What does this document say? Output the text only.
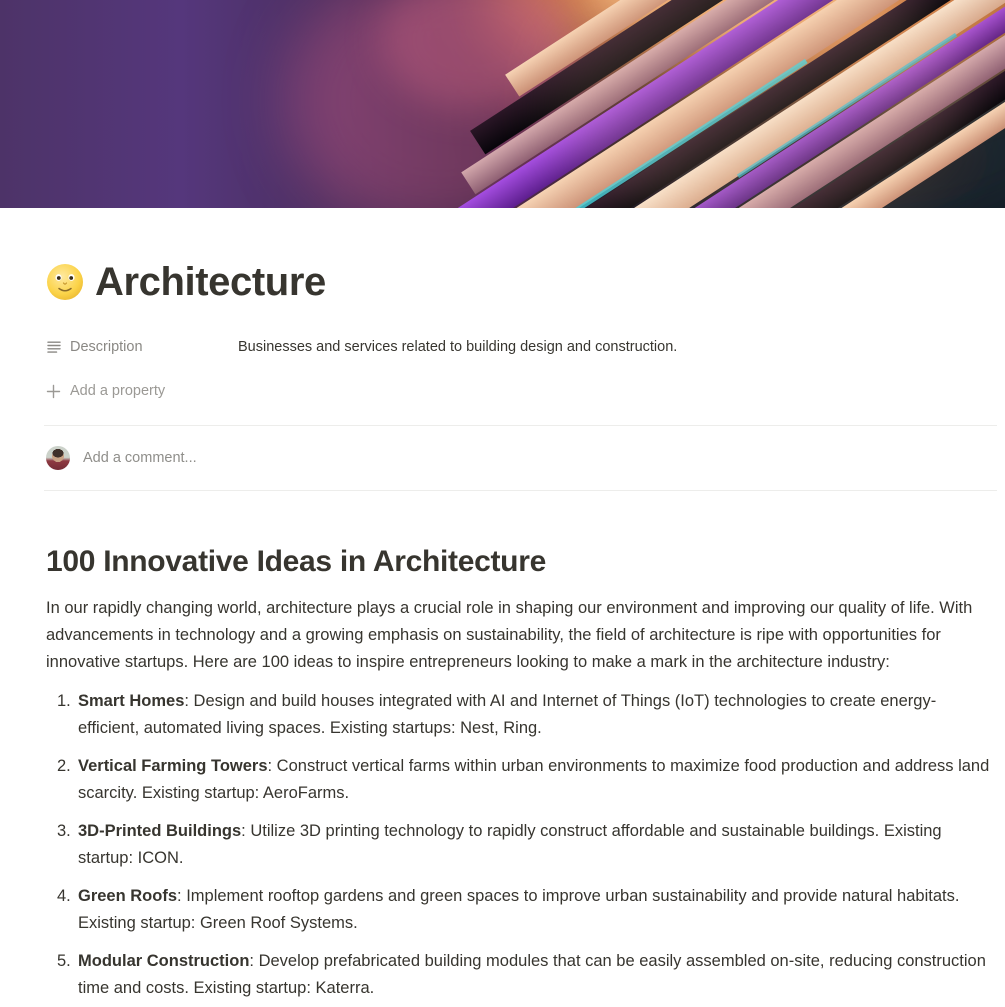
Architecture
Description	Businesses and services related to building design and construction.
Add a property
Add a comment...
100 Innovative Ideas in Architecture

In our rapidly changing world, architecture plays a crucial role in shaping our environment and improving our quality of life. With advancements in technology and a growing emphasis on sustainability, the field of architecture is ripe with opportunities for innovative startups. Here are 100 ideas to inspire entrepreneurs looking to make a mark in the architecture industry:

1. Smart Homes: Design and build houses integrated with AI and Internet of Things (IoT) technologies to create energy-efficient, automated living spaces. Existing startups: Nest, Ring.
2. Vertical Farming Towers: Construct vertical farms within urban environments to maximize food production and address land scarcity. Existing startup: AeroFarms.
3. 3D-Printed Buildings: Utilize 3D printing technology to rapidly construct affordable and sustainable buildings. Existing startup: ICON.
4. Green Roofs: Implement rooftop gardens and green spaces to improve urban sustainability and provide natural habitats. Existing startup: Green Roof Systems.
5. Modular Construction: Develop prefabricated building modules that can be easily assembled on-site, reducing construction time and costs. Existing startup: Katerra.
